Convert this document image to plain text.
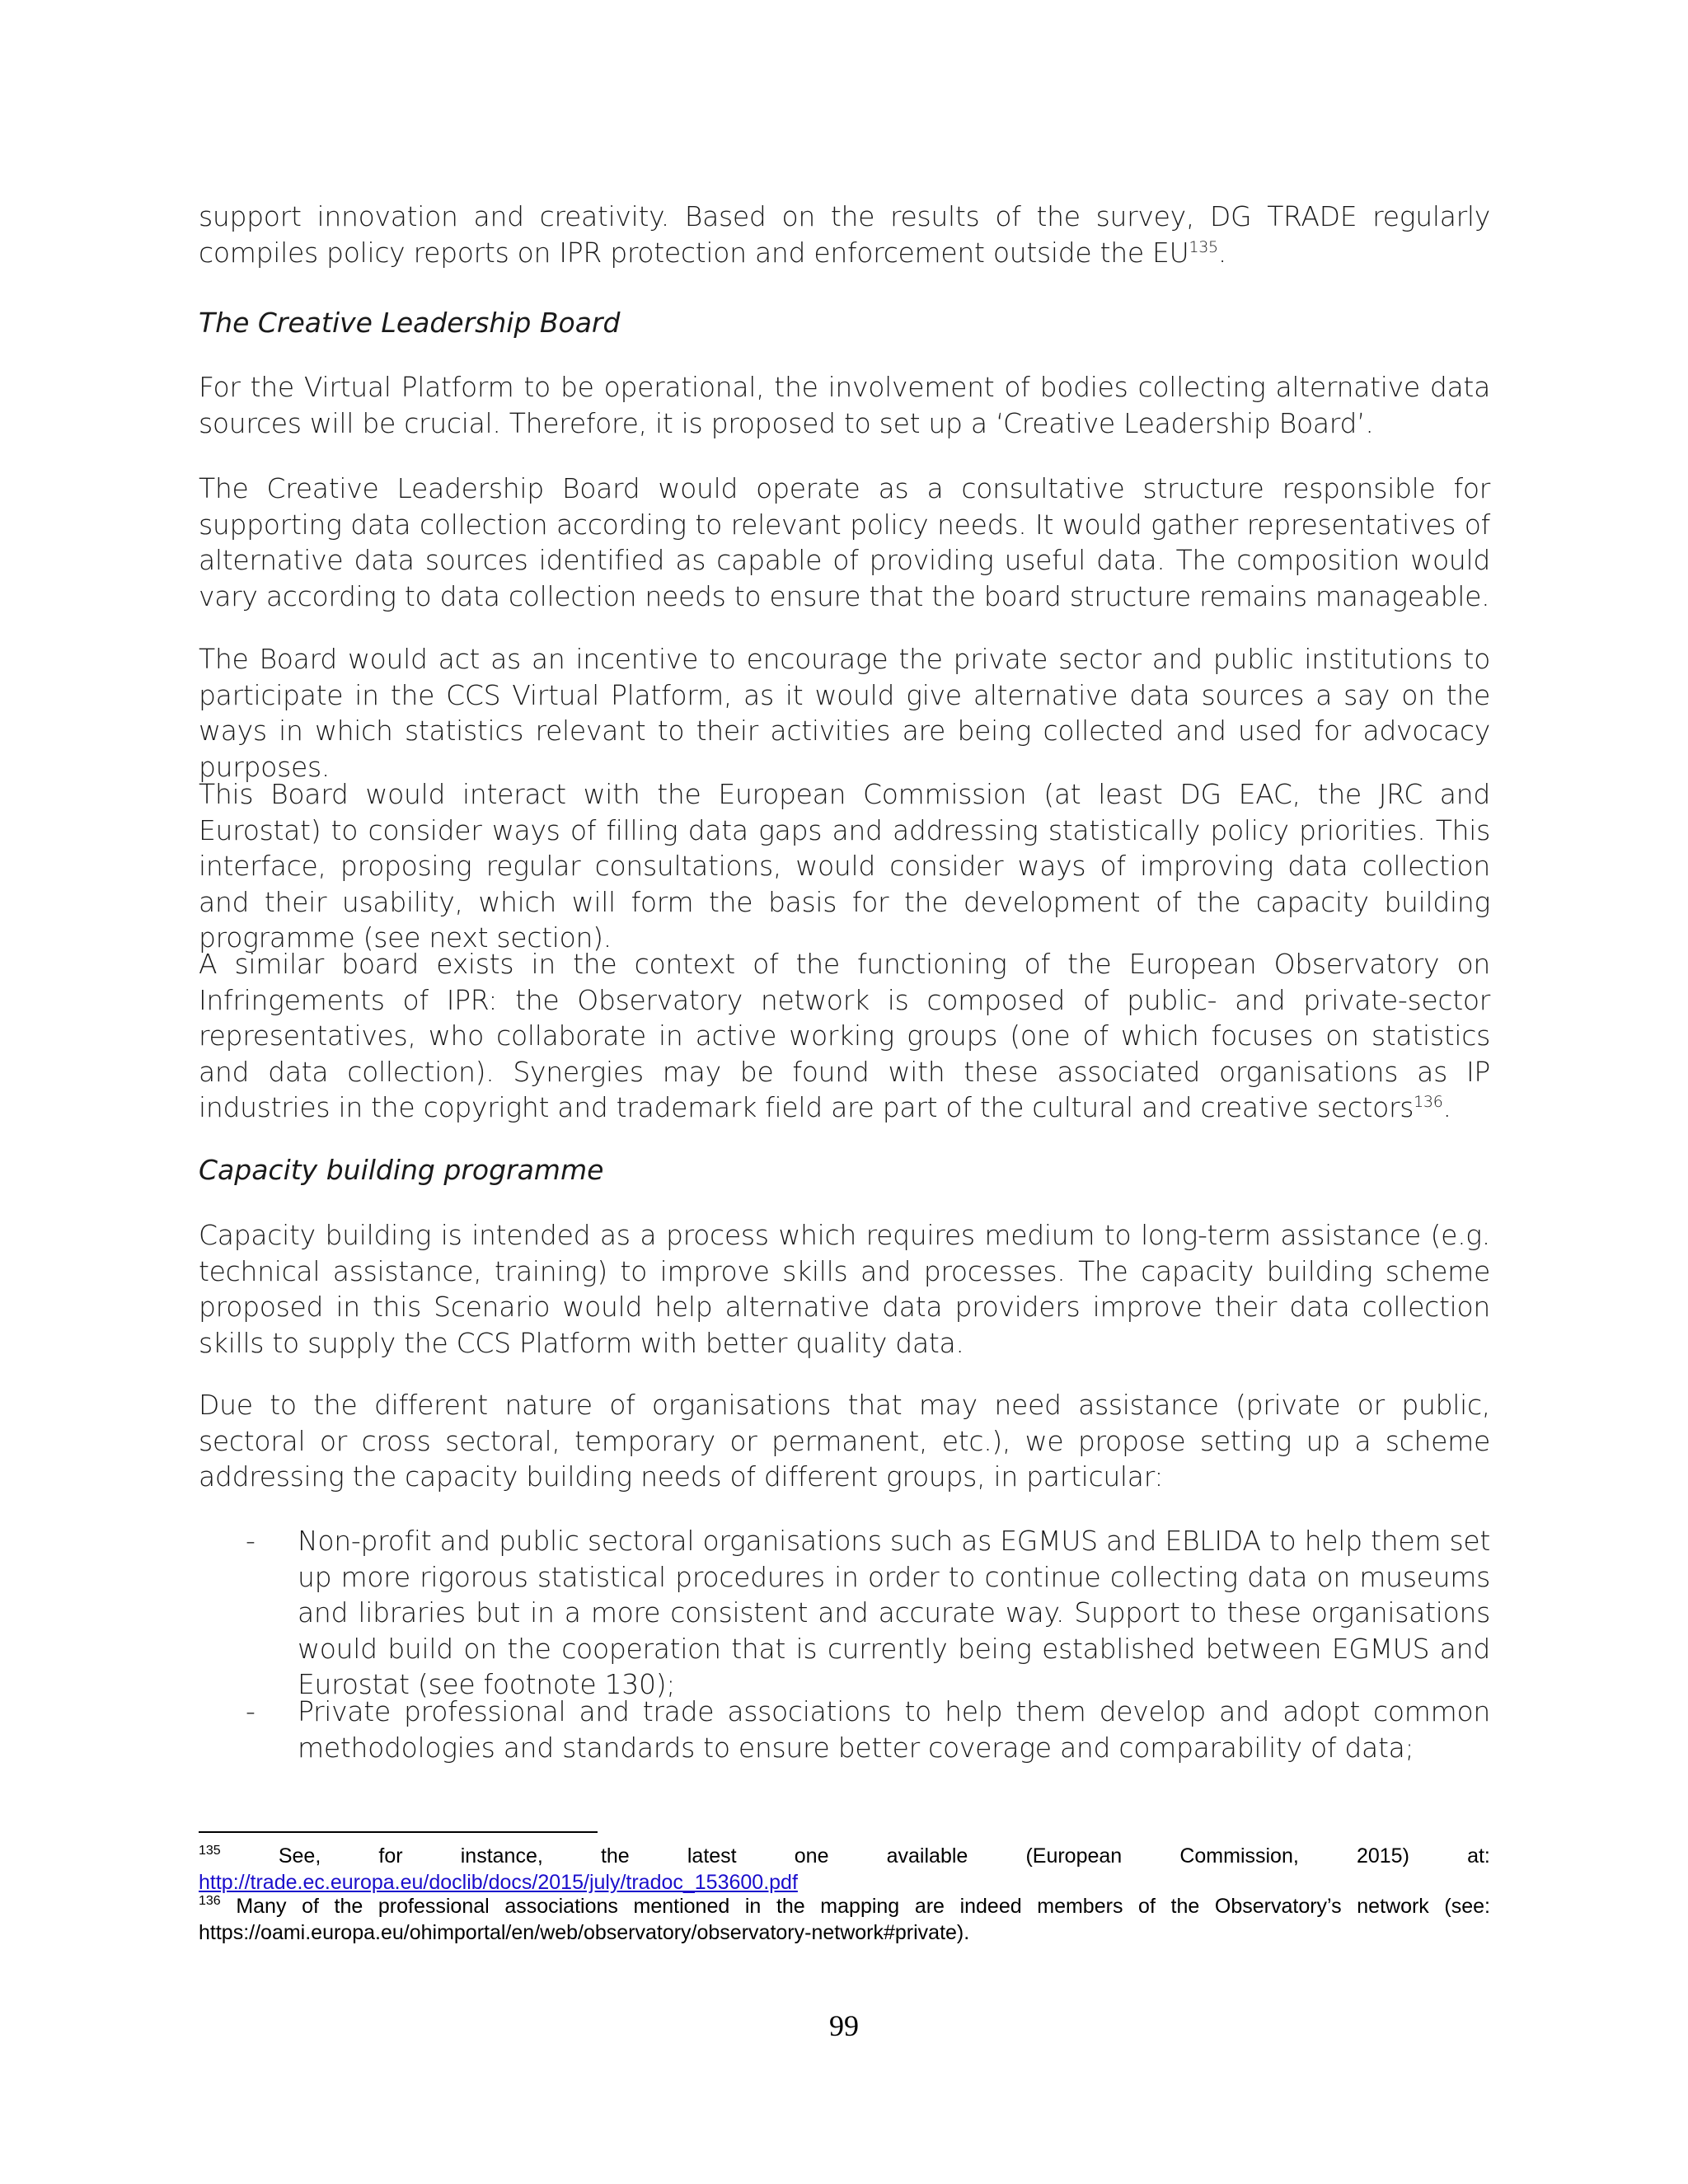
support innovation and creativity. Based on the results of the survey, DG TRADE regularly compiles policy reports on IPR protection and enforcement outside the EU$^{135}$.

The Creative Leadership Board

For the Virtual Platform to be operational, the involvement of bodies collecting alternative data sources will be crucial. Therefore, it is proposed to set up a ‘Creative Leadership Board’.

The Creative Leadership Board would operate as a consultative structure responsible for supporting data collection according to relevant policy needs. It would gather representatives of alternative data sources identified as capable of providing useful data. The composition would vary according to data collection needs to ensure that the board structure remains manageable.

The Board would act as an incentive to encourage the private sector and public institutions to participate in the CCS Virtual Platform, as it would give alternative data sources a say on the ways in which statistics relevant to their activities are being collected and used for advocacy purposes.

This Board would interact with the European Commission (at least DG EAC, the JRC and Eurostat) to consider ways of filling data gaps and addressing statistically policy priorities. This interface, proposing regular consultations, would consider ways of improving data collection and their usability, which will form the basis for the development of the capacity building programme (see next section).

A similar board exists in the context of the functioning of the European Observatory on Infringements of IPR: the Observatory network is composed of public- and private-sector representatives, who collaborate in active working groups (one of which focuses on statistics and data collection). Synergies may be found with these associated organisations as IP industries in the copyright and trademark field are part of the cultural and creative sectors$^{136}$.

Capacity building programme

Capacity building is intended as a process which requires medium to long-term assistance (e.g. technical assistance, training) to improve skills and processes. The capacity building scheme proposed in this Scenario would help alternative data providers improve their data collection skills to supply the CCS Platform with better quality data.

Due to the different nature of organisations that may need assistance (private or public, sectoral or cross sectoral, temporary or permanent, etc.), we propose setting up a scheme addressing the capacity building needs of different groups, in particular:

- Non-profit and public sectoral organisations such as EGMUS and EBLIDA to help them set up more rigorous statistical procedures in order to continue collecting data on museums and libraries but in a more consistent and accurate way. Support to these organisations would build on the cooperation that is currently being established between EGMUS and Eurostat (see footnote 130);
- Private professional and trade associations to help them develop and adopt common methodologies and standards to ensure better coverage and comparability of data;
135	See,	for	instance,	the	latest	one	available	(European	Commission,	2015)	at:
http://trade.ec.europa.eu/doclib/docs/2015/july/tradoc_153600.pdf
$^{136}$ Many of the professional associations mentioned in the mapping are indeed members of the Observatory’s network (see: https://oami.europa.eu/ohimportal/en/web/observatory/observatory-network#private).
99
